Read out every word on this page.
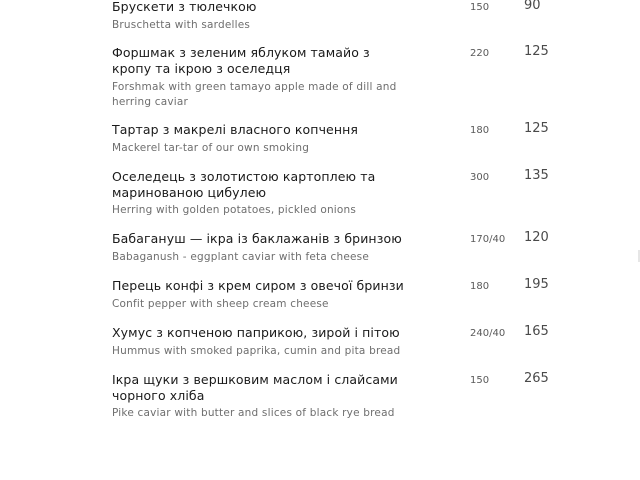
Брускети з тюлечкою
Bruschetta with sardelles
150	90
Форшмак з зеленим яблуком тамайо з кропу та ікрою з оселедця
Forshmak with green tamayo apple made of dill and herring caviar
220	125
Тартар з макрелі власного копчення
Mackerel tar-tar of our own smoking
180	125
Оселедець з золотистою картоплею та маринованою цибулею
Herring with golden potatoes, pickled onions
300	135
Бабагануш — ікра із баклажанів з бринзою
Babaganush - eggplant caviar with feta cheese
170/40 120
Перець конфі з крем сиром з овечої бринзи
Confit pepper with sheep cream cheese
180	195
Хумус з копченою паприкою, зирой і пітою
Hummus with smoked paprika, cumin and pita bread
240/40 165
Ікра щуки з вершковим маслом і слайсами чорного хліба
Pike caviar with butter and slices of black rye bread
150	265
